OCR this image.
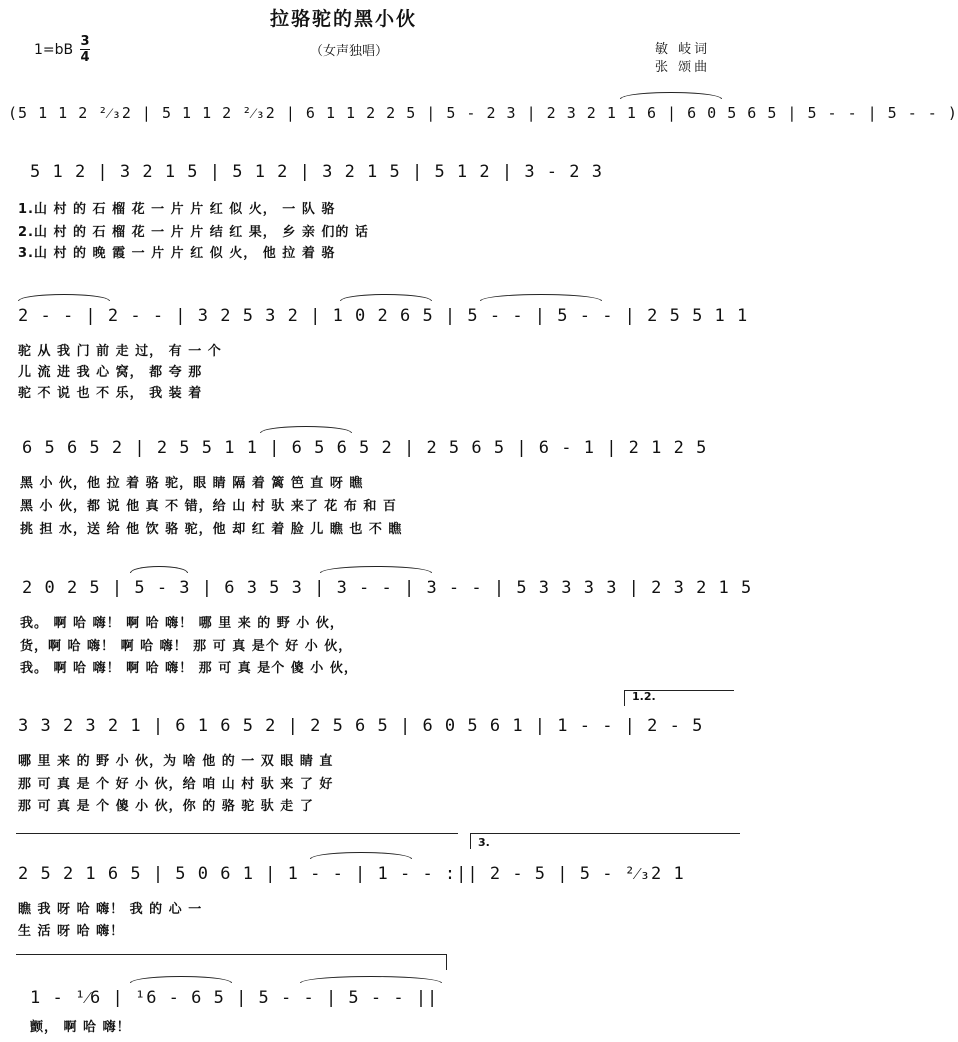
拉骆驼的黑小伙
（女声独唱）
1=bB
3
4
敏 岐词
张 颂曲
(5 1 1 2 ²⁄₃2 | 5 1 1 2 ²⁄₃2 | 6 1 1 2 2 5 | 5 - 2 3 | 2 3 2 1 1 6 | 6 0 5 6 5 | 5 - - | 5 - - )
5 1 2 | 3 2 1 5 | 5 1 2 | 3 2 1 5 | 5 1 2 | 3 - 2 3
1.山 村 的 石 榴 花 一 片 片 红 似 火， 一 队 骆
2.山 村 的 石 榴 花 一 片 片 结 红 果， 乡 亲 们的 话
3.山 村 的 晚 霞 一 片 片 红 似 火， 他 拉 着 骆
2 - - | 2 - - | 3 2 5 3 2 | 1 0 2 6 5 | 5 - - | 5 - - | 2 5 5 1 1
驼 从 我 门 前 走 过， 有 一 个
儿 流 进 我 心 窝， 都 夸 那
驼 不 说 也 不 乐， 我 装 着
6 5 6 5 2 | 2 5 5 1 1 | 6 5 6 5 2 | 2 5 6 5 | 6 - 1 | 2 1 2 5
黑 小 伙，他 拉 着 骆 驼，眼 睛 隔 着 篱 笆 直 呀 瞧
黑 小 伙，都 说 他 真 不 错，给 山 村 驮 来了 花 布 和 百
挑 担 水，送 给 他 饮 骆 驼，他 却 红 着 脸 儿 瞧 也 不 瞧
2 0 2 5 | 5 - 3 | 6 3 5 3 | 3 - - | 3 - - | 5 3 3 3 3 | 2 3 2 1 5
我。 啊 哈 嗨！ 啊 哈 嗨！ 哪 里 来 的 野 小 伙，
货，啊 哈 嗨！ 啊 哈 嗨！ 那 可 真 是个 好 小 伙，
我。 啊 哈 嗨！ 啊 哈 嗨！ 那 可 真 是个 傻 小 伙，
1.2.
3 3 2 3 2 1 | 6 1 6 5 2 | 2 5 6 5 | 6 0 5 6 1 | 1 - - | 2 - 5
哪 里 来 的 野 小 伙，为 啥 他 的 一 双 眼 睛 直
那 可 真 是 个 好 小 伙，给 咱 山 村 驮 来 了 好
那 可 真 是 个 傻 小 伙，你 的 骆 驼 驮 走 了
3.
2 5 2 1 6 5 | 5 0 6 1 | 1 - - | 1 - - :|| 2 - 5 | 5 - ²⁄₃2 1
瞧 我 呀 哈 嗨！ 我 的 心 一
生 活 呀 哈 嗨！
1 - ¹⁄6 | ¹6 - 6 5 | 5 - - | 5 - - ||
颤， 啊 哈 嗨！
